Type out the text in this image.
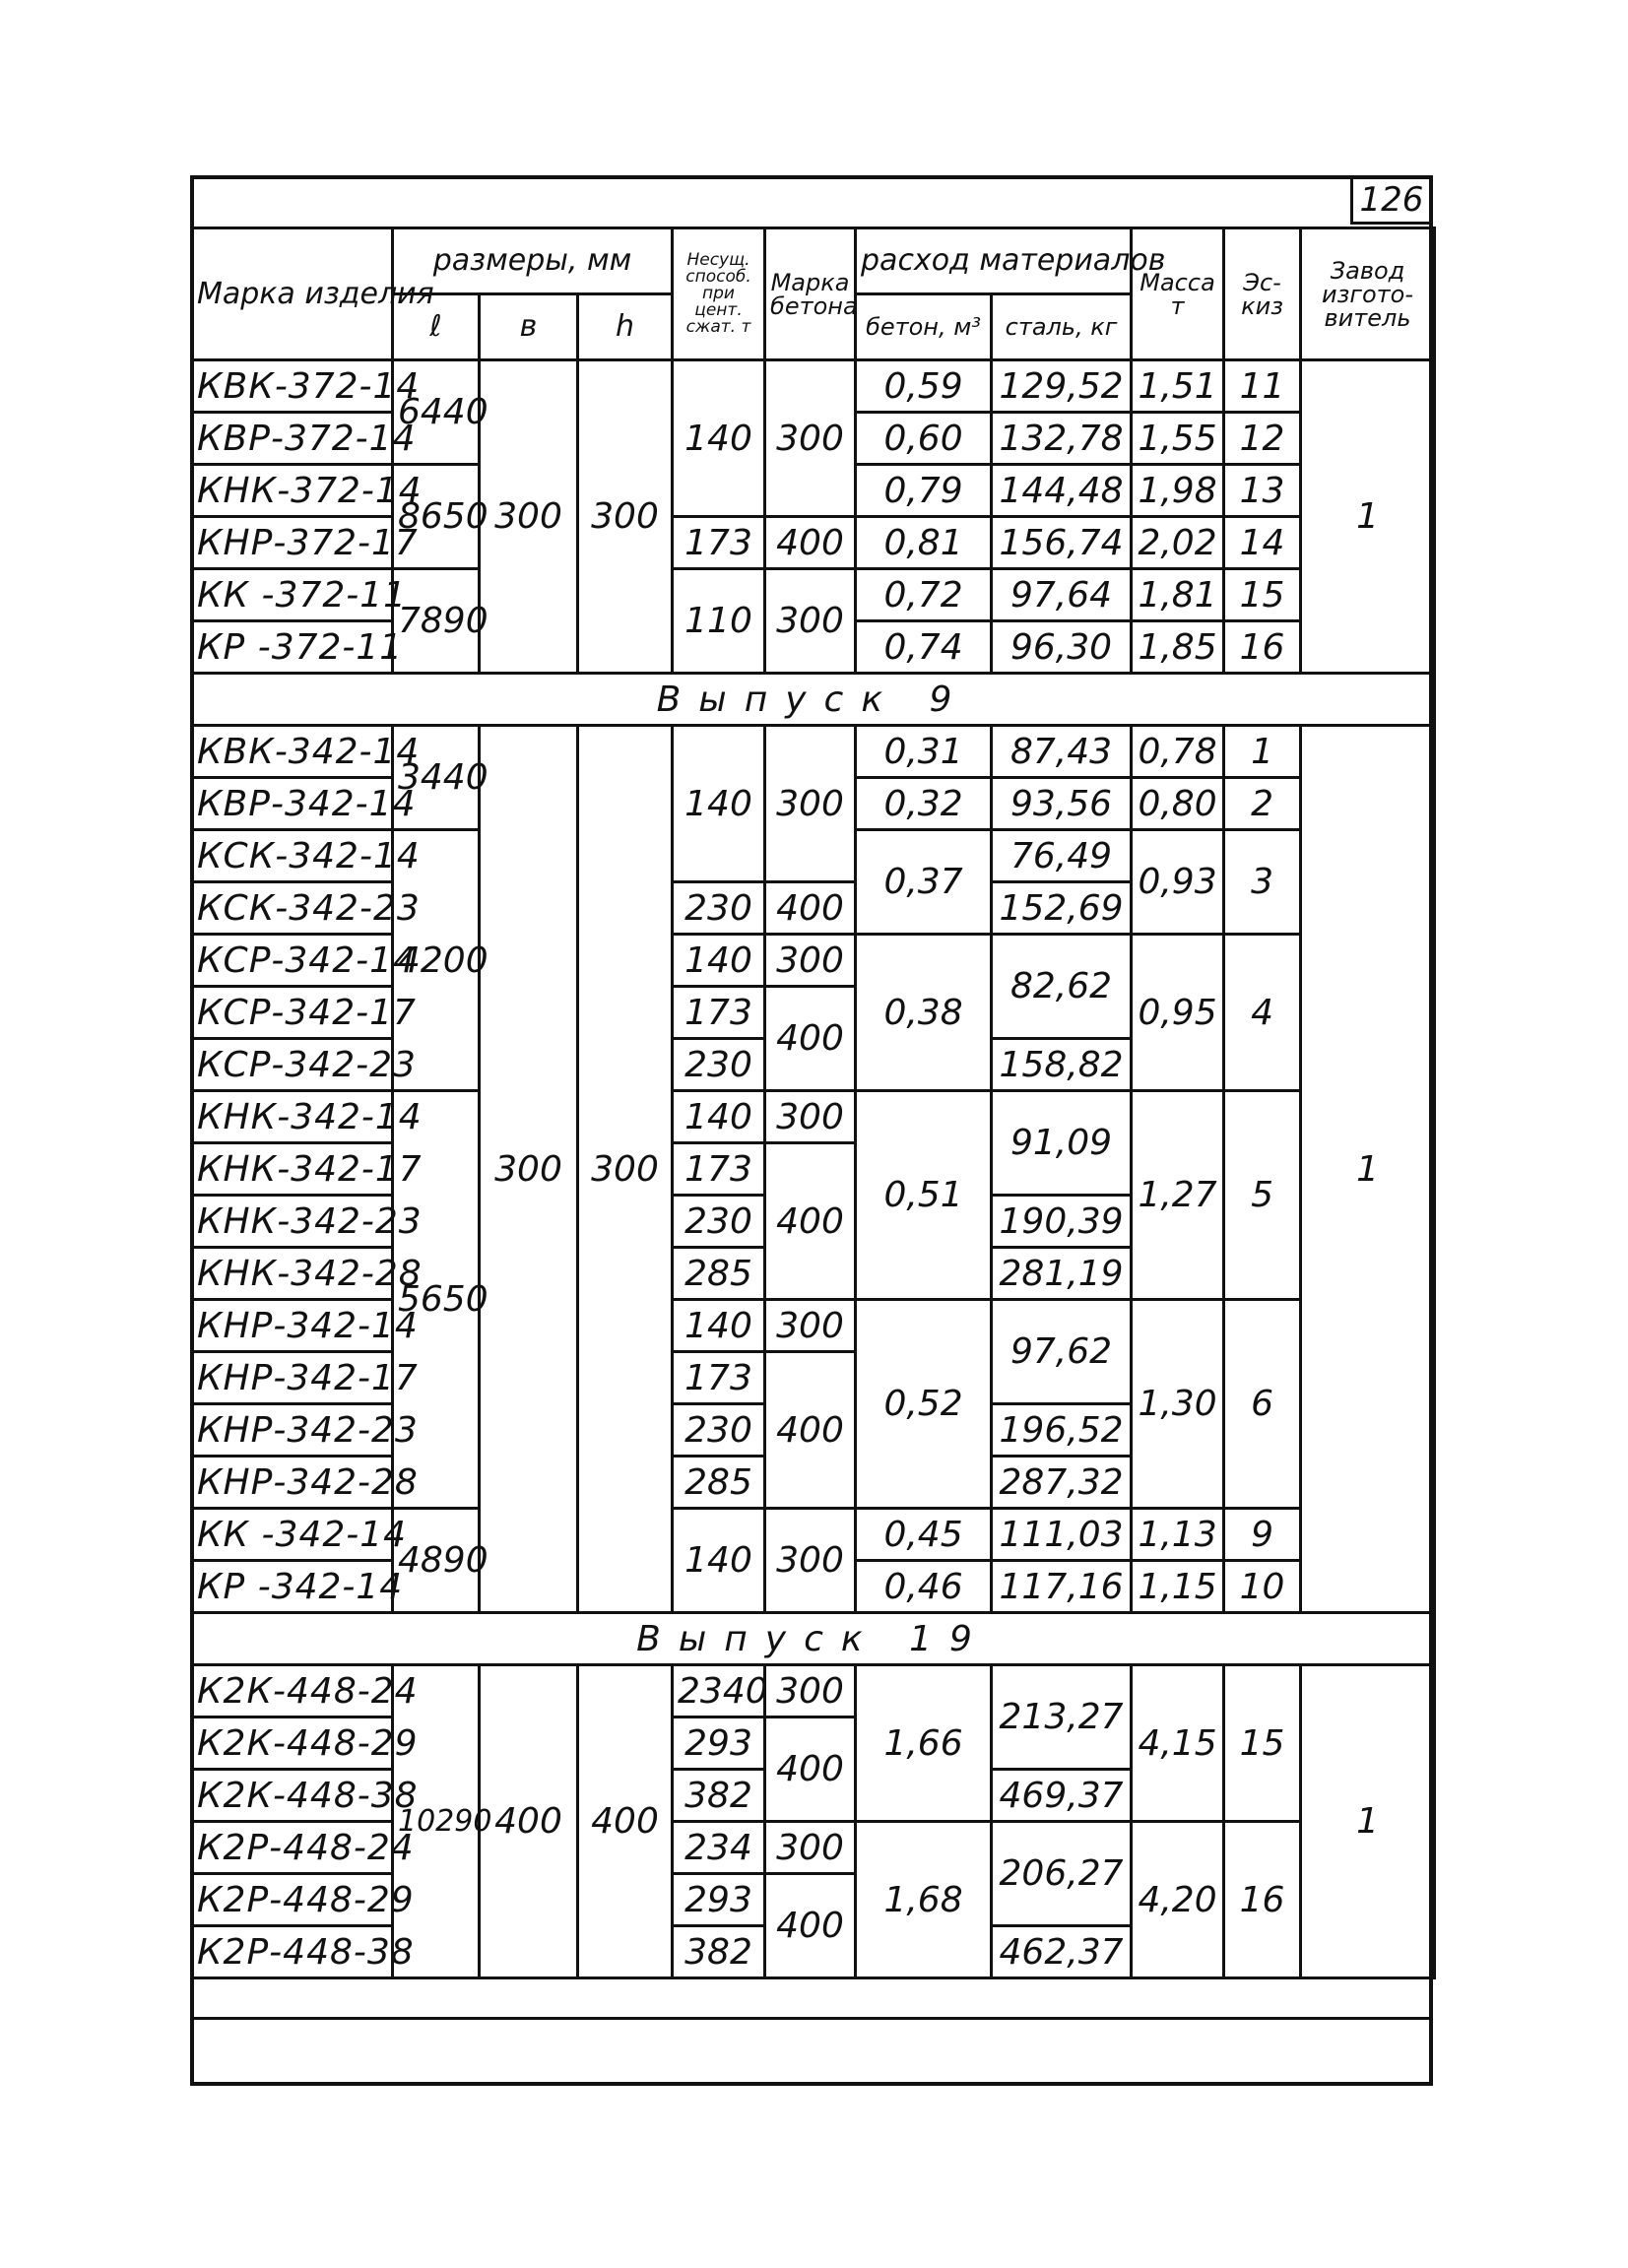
126
Марка изделия	размеры, мм			Несущ. способ. при цент. сжат. т	Марка бетона	расход материалов		Масса т	Эс- киз	Завод изгото- витель
	ℓ	в	h			бетон, м³	сталь, кг			
КВК-372-14	6440	300	300	140	300	0,59	129,52	1,51	11	1
КВР-372-14						0,60	132,78	1,55	12	
КНК-372-14	8650					0,79	144,48	1,98	13	
КНР-372-17				173	400	0,81	156,74	2,02	14	
КК -372-11	7890			110	300	0,72	97,64	1,81	15	
КР -372-11						0,74	96,30	1,85	16	
Выпуск 9										
КВК-342-14	3440	300	300	140	300	0,31	87,43	0,78	1	1
КВР-342-14						0,32	93,56	0,80	2	
КСК-342-14	4200					0,37	76,49	0,93	3	
КСК-342-23				230	400		152,69			
КСР-342-14				140	300	0,38	82,62	0,95	4	
КСР-342-17				173	400					
КСР-342-23				230			158,82			
КНК-342-14	5650			140	300	0,51	91,09	1,27	5	
КНК-342-17				173	400					
КНК-342-23				230			190,39			
КНК-342-28				285			281,19			
КНР-342-14				140	300	0,52	97,62	1,30	6	
КНР-342-17				173	400					
КНР-342-23				230			196,52			
КНР-342-28				285			287,32			
КК -342-14	4890			140	300	0,45	111,03	1,13	9	
КР -342-14						0,46	117,16	1,15	10	
Выпуск 19										
К2К-448-24	10290	400	400	2340	300	1,66	213,27	4,15	15	1
К2К-448-29				293	400					
К2К-448-38				382			469,37			
К2Р-448-24				234	300	1,68	206,27	4,20	16	
К2Р-448-29				293	400					
К2Р-448-38				382			462,37			
